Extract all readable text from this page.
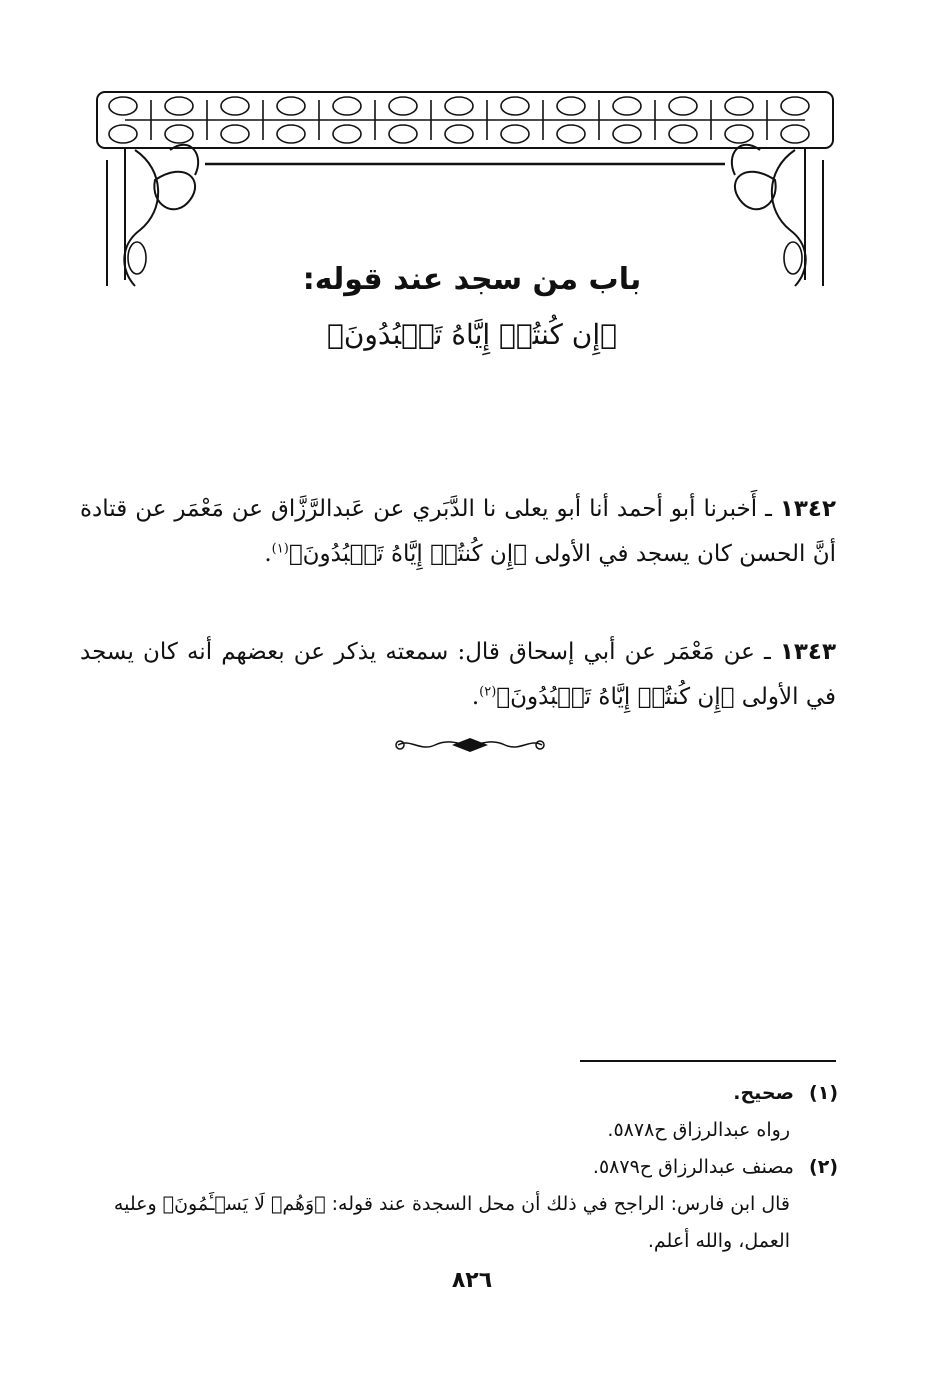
باب من سجد عند قوله:
﴿إِن كُنتُمۡ إِيَّاهُ تَعۡبُدُونَ﴾
١٣٤٢ ـ أَخبرنا أبو أحمد أنا أبو يعلى نا الدَّبَري عن عَبدالرَّزَّاق عن مَعْمَر عن قتادة أنَّ الحسن كان يسجد في الأولى ﴿إِن كُنتُمۡ إِيَّاهُ تَعۡبُدُونَ﴾$^{(١)}$.
١٣٤٣ ـ عن مَعْمَر عن أبي إسحاق قال: سمعته يذكر عن بعضهم أنه كان يسجد في الأولى ﴿إِن كُنتُمۡ إِيَّاهُ تَعۡبُدُونَ﴾$^{(٢)}$.
(١)صحيح.
رواه عبدالرزاق ح٥٨٧٨.
(٢)مصنف عبدالرزاق ح٥٨٧٩.
قال ابن فارس: الراجح في ذلك أن محل السجدة عند قوله: ﴿وَهُمۡ لَا يَسۡـَٔمُونَ﴾ وعليه العمل، والله أعلم.
٨٢٦
